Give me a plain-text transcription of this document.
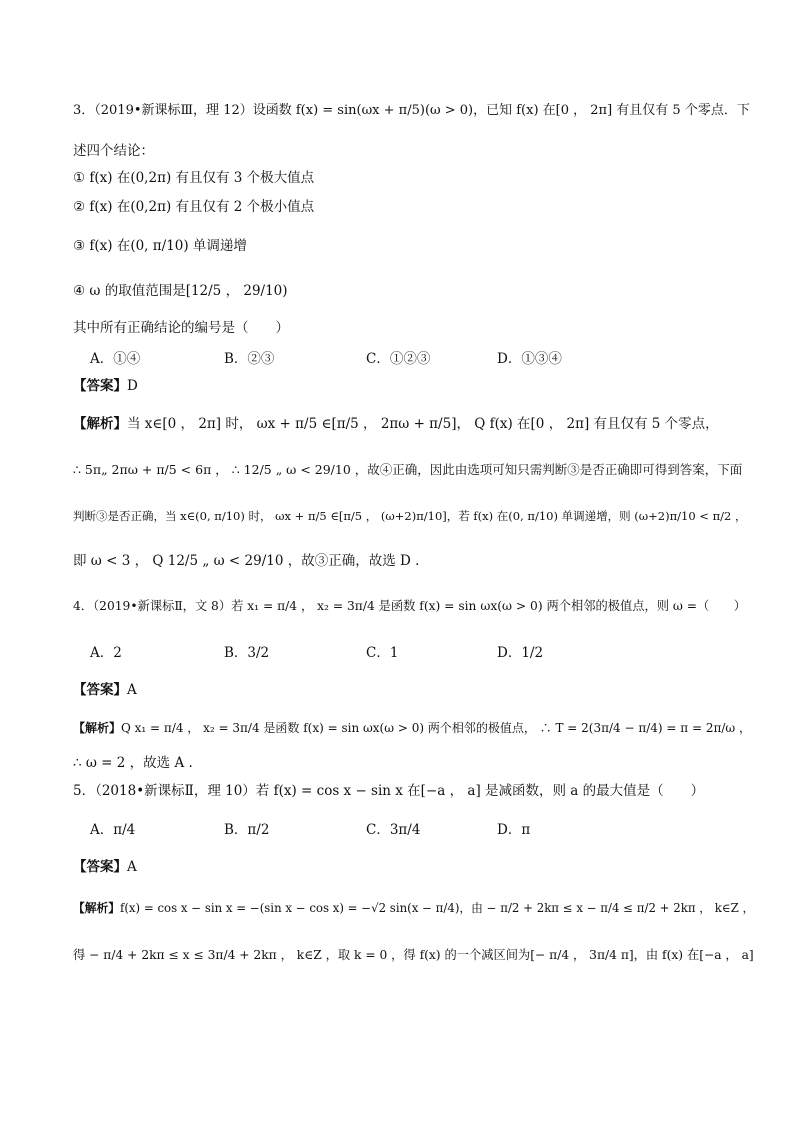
3．（2019•新课标Ⅲ，理 12）设函数 f(x) = sin(ωx + π/5)(ω > 0)，已知 f(x) 在[0 ， 2π] 有且仅有 5 个零点．下
述四个结论：
① f(x) 在(0,2π) 有且仅有 3 个极大值点
② f(x) 在(0,2π) 有且仅有 2 个极小值点
③ f(x) 在(0, π/10) 单调递增
④ ω 的取值范围是[12/5 ， 29/10)
其中所有正确结论的编号是（　　）
A．①④	B．②③	C．①②③	D．①③④
【答案】D
【解析】当 x∈[0 ， 2π] 时， ωx + π/5 ∈[π/5 ， 2πω + π/5]， Q f(x) 在[0 ， 2π] 有且仅有 5 个零点，
∴ 5π„ 2πω + π/5 < 6π ， ∴ 12/5 „ ω < 29/10 ，故④正确，因此由选项可知只需判断③是否正确即可得到答案，下面
判断③是否正确，当 x∈(0, π/10) 时， ωx + π/5 ∈[π/5 ， (ω+2)π/10]，若 f(x) 在(0, π/10) 单调递增，则 (ω+2)π/10 < π/2 ，
即 ω < 3 ， Q 12/5 „ ω < 29/10 ，故③正确，故选 D .
4．（2019•新课标Ⅱ，文 8）若 x₁ = π/4 ， x₂ = 3π/4 是函数 f(x) = sin ωx(ω > 0) 两个相邻的极值点，则 ω =（　　）
A．2	B．3/2	C．1	D．1/2
【答案】A
【解析】Q x₁ = π/4 ， x₂ = 3π/4 是函数 f(x) = sin ωx(ω > 0) 两个相邻的极值点， ∴ T = 2(3π/4 − π/4) = π = 2π/ω ，
∴ ω = 2 ，故选 A .
5．（2018•新课标Ⅱ，理 10）若 f(x) = cos x − sin x 在[−a ， a] 是减函数，则 a 的最大值是（　　）
A．π/4	B．π/2	C．3π/4	D．π
【答案】A
【解析】f(x) = cos x − sin x = −(sin x − cos x) = −√2 sin(x − π/4)，由 − π/2 + 2kπ ≤ x − π/4 ≤ π/2 + 2kπ ， k∈Z ，
得 − π/4 + 2kπ ≤ x ≤ 3π/4 + 2kπ ， k∈Z ，取 k = 0 ，得 f(x) 的一个减区间为[− π/4 ， 3π/4 π]，由 f(x) 在[−a ， a]
